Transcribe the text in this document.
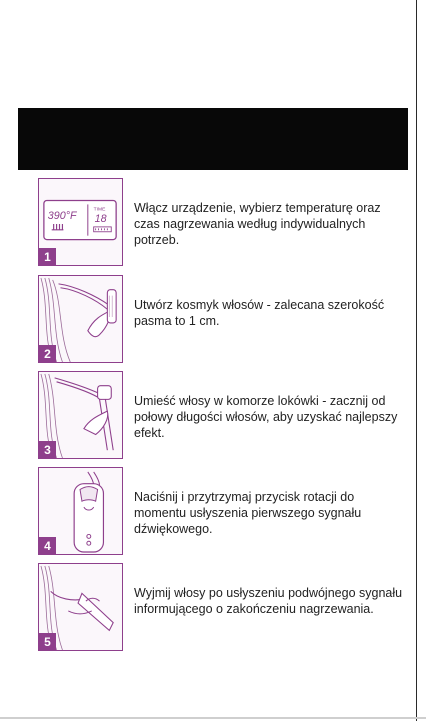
390°F
TIME
18
1
Włącz urządzenie, wybierz temperaturę oraz czas nagrzewania według indywidualnych potrzeb.
2
Utwórz kosmyk włosów - zalecana szerokość pasma to 1 cm.
3
Umieść włosy w komorze lokówki - zacznij od połowy długości włosów, aby uzyskać najlepszy efekt.
4
Naciśnij i przytrzymaj przycisk rotacji do momentu usłyszenia pierwszego sygnału dźwiękowego.
5
Wyjmij włosy po usłyszeniu podwójnego sygnału informującego o zakończeniu nagrzewania.
